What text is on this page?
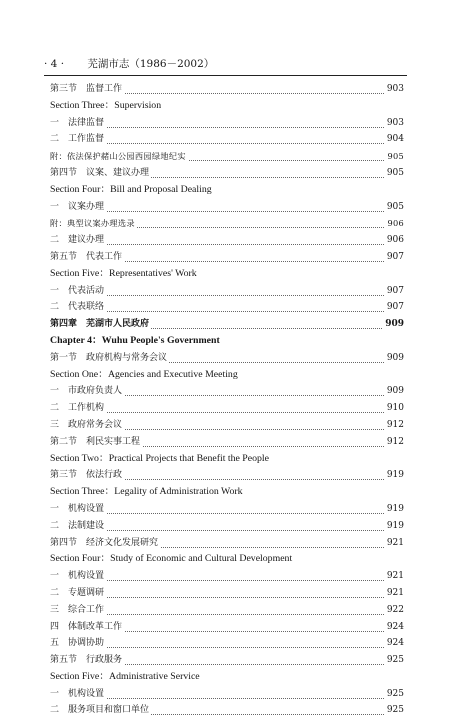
· 4 · 芜湖市志（1986－2002）
第三节　监督工作	903
Section Three：Supervision
一　法律监督	903
二　工作监督	904
附：依法保护赭山公园西园绿地纪实	905
第四节　议案、建议办理	905
Section Four：Bill and Proposal Dealing
一　议案办理	905
附：典型议案办理选录	906
二　建议办理	906
第五节　代表工作	907
Section Five：Representatives' Work
一　代表活动	907
二　代表联络	907
第四章　芜湖市人民政府	909
Chapter 4：Wuhu People's Government
第一节　政府机构与常务会议	909
Section One：Agencies and Executive Meeting
一　市政府负责人	909
二　工作机构	910
三　政府常务会议	912
第二节　利民实事工程	912
Section Two：Practical Projects that Benefit the People
第三节　依法行政	919
Section Three：Legality of Administration Work
一　机构设置	919
二　法制建设	919
第四节　经济文化发展研究	921
Section Four：Study of Economic and Cultural Development
一　机构设置	921
二　专题调研	921
三　综合工作	922
四　体制改革工作	924
五　协调协助	924
第五节　行政服务	925
Section Five：Administrative Service
一　机构设置	925
二　服务项目和窗口单位	925
